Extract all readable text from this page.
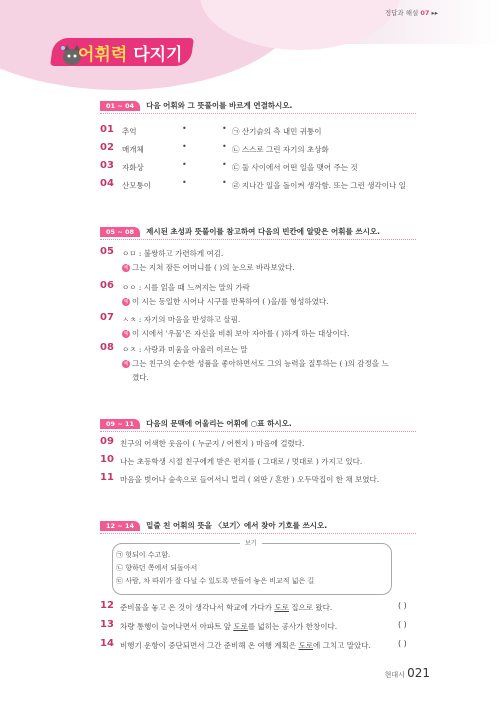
정답과 해설 07 ▸▸
어휘력 다지기
01 ~ 04 다음 어휘와 그 뜻풀이를 바르게 연결하시오.
01 추억	•	• ㉠ 산기슭의 측 내민 귀퉁이
02 매개체	•	• ㉡ 스스로 그린 자기의 초상화
03 자화상	•	• ㉢ 둘 사이에서 어떤 일을 맺어 주는 것
04 산모퉁이	•	• ㉣ 지나간 일을 돌이켜 생각함. 또는 그런 생각이나 일
05 ~ 08 제시된 초성과 뜻풀이를 참고하여 다음의 빈칸에 알맞은 어휘를 쓰시오.
05 ㅇㅁ : 불쌍하고 가련하게 여김.
예 그는 지쳐 잠든 어머니를 ( )의 눈으로 바라보았다.
06 ㅇㅇ : 시를 읽을 때 느껴지는 말의 가락
예 이 시는 동일한 시어나 시구를 반복하여 ( )을/를 형성하였다.
07 ㅅㅊ : 자기의 마음을 반성하고 살핌.
예 이 시에서 '우물'은 자신을 비춰 보아 자아를 ( )하게 하는 대상이다.
08 ㅇㅈ : 사랑과 미움을 아울러 이르는 말
예 그는 친구의 순수한 성품을 좋아하면서도 그의 능력을 질투하는 ( )의 감정을 느
꼈다.
09 ~ 11 다음의 문맥에 어울리는 어휘에 ○표 하시오.
09 친구의 어색한 웃음이 ( 누군지 / 어쩐지 ) 마음에 걸렸다.
10 나는 초등학생 시절 친구에게 받은 편지를 ( 그대로 / 멋대로 ) 가지고 있다.
11 마음을 벗어나 숲속으로 들어서니 멀리 ( 외딴 / 흔한 ) 오두막집이 한 채 보였다.
12 ~ 14 밑줄 친 어휘의 뜻을 〈보기〉에서 찾아 기호를 쓰시오.
보기
㉠ 헛되이 수고함.
㉡ 향하던 쪽에서 되돌아서
㉢ 사람, 차 따위가 잘 다닐 수 있도록 만들어 놓은 비교적 넓은 길
12 준비물을 놓고 온 것이 생각나서 학교에 가다가 도로 집으로 왔다.	( )
13 차량 통행이 늘어나면서 아파트 앞 도로를 넓히는 공사가 한창이다.	( )
14 비행기 운항이 중단되면서 그간 준비해 온 여행 계획은 도로에 그치고 말았다.	( )
현대시 021
